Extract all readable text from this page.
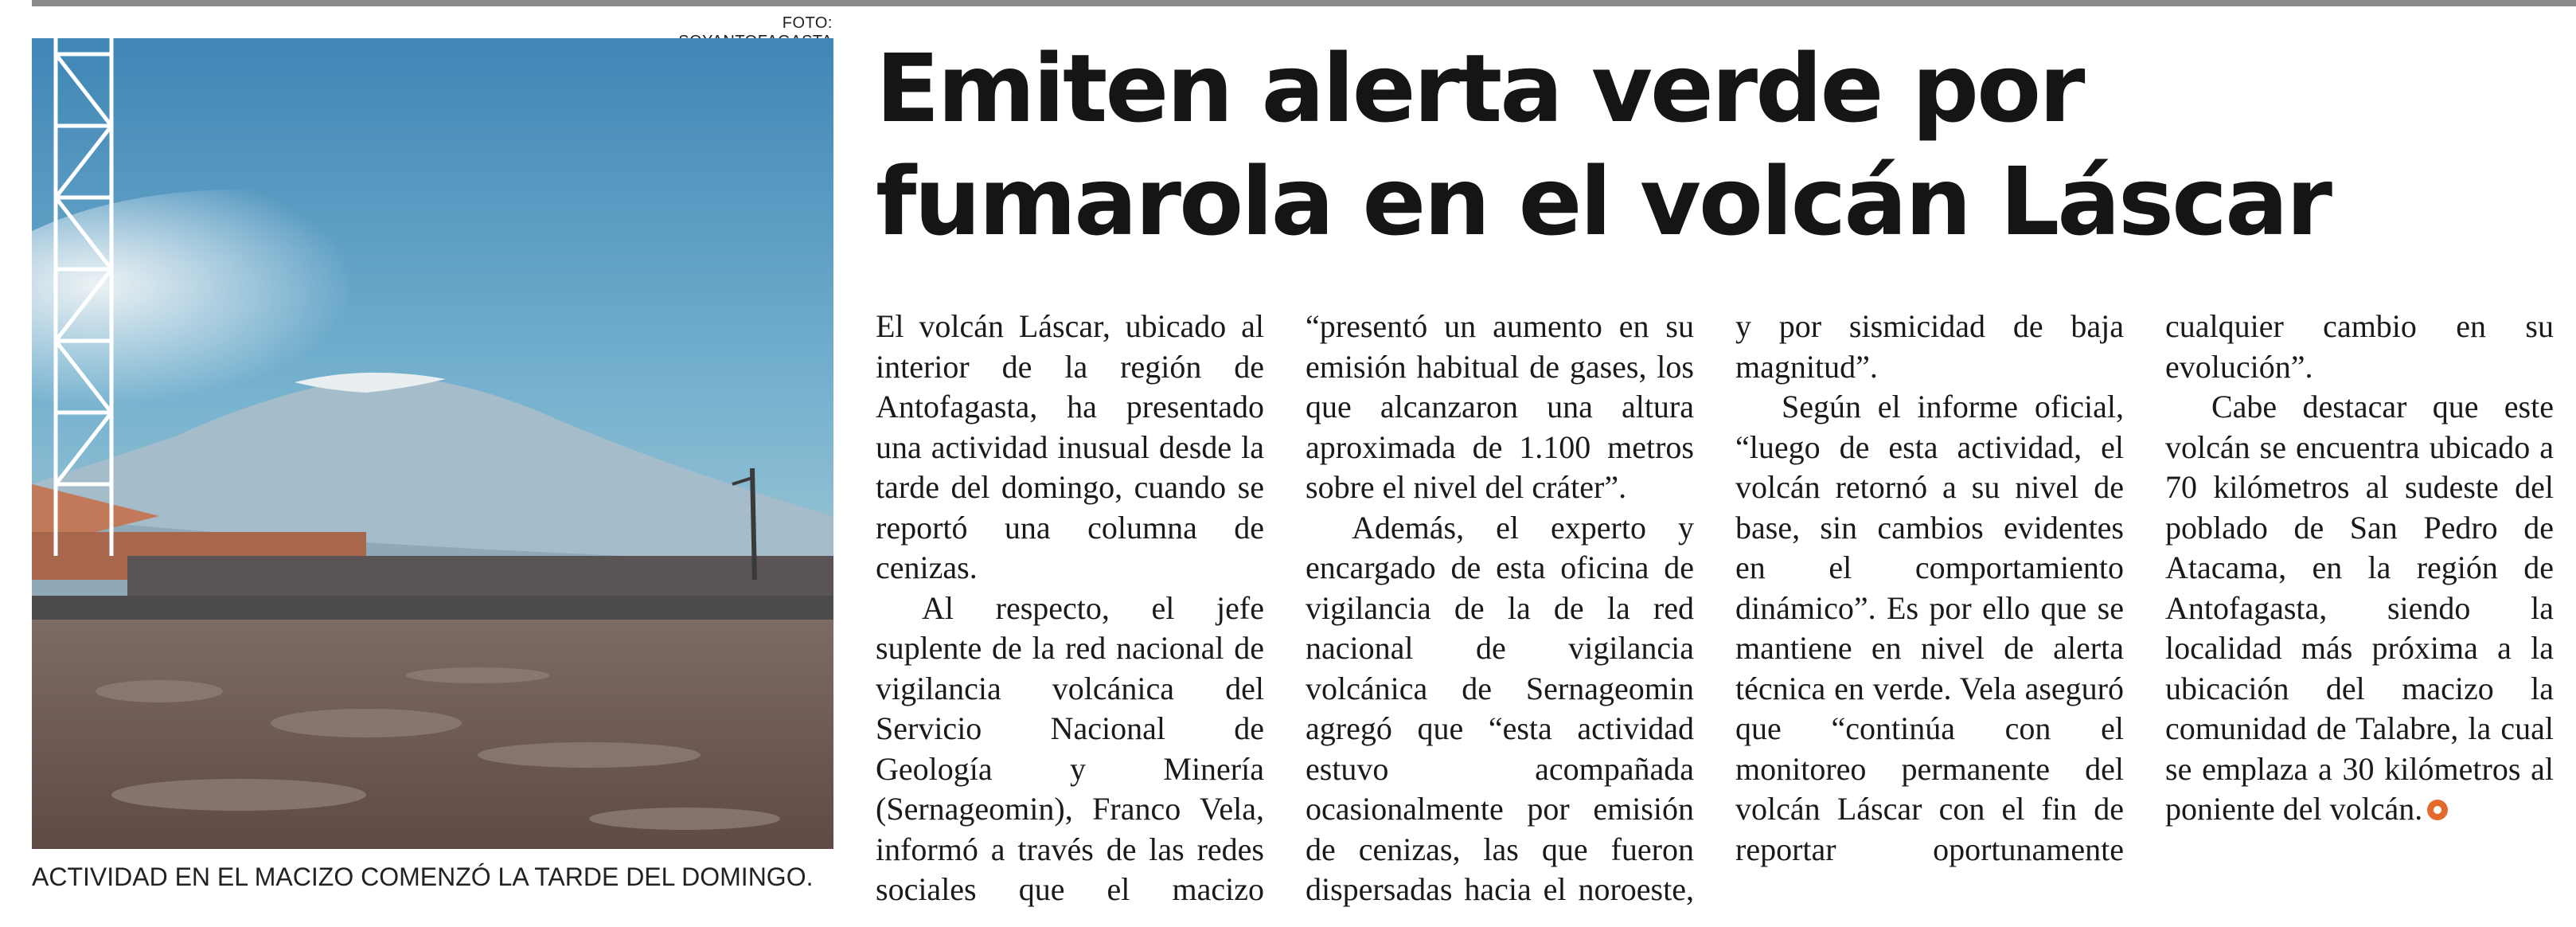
FOTO:
ACTIVIDAD EN EL MACIZO COMENZÓ LA TARDE DEL DOMINGO.
Emiten alerta verde por fumarola en el volcán Láscar

El volcán Láscar, ubicado al interior de la región de Antofagasta, ha presentado una actividad inusual desde la tarde del domingo, cuando se reportó una columna de cenizas.

Al respecto, el jefe suplente de la red nacional de vigilancia volcánica del Servicio Nacional de Geología y Minería (Sernageomin), Franco Vela, informó a través de las redes sociales que el macizo “presentó un aumento en su emisión habitual de gases, los que alcanzaron una altura aproximada de 1.100 metros sobre el nivel del cráter”.

Además, el experto y encargado de esta oficina de vigilancia de la de la red nacional de vigilancia volcánica de Sernageomin agregó que “esta actividad estuvo acompañada ocasionalmente por emisión de cenizas, las que fueron dispersadas hacia el noroeste, y por sismicidad de baja magnitud”.

Según el informe oficial, “luego de esta actividad, el volcán retornó a su nivel de base, sin cambios evidentes en el comportamiento dinámico”. Es por ello que se mantiene en nivel de alerta técnica en verde. Vela aseguró que “continúa con el monitoreo permanente del volcán Láscar con el fin de reportar oportunamente cualquier cambio en su evolución”.

Cabe destacar que este volcán se encuentra ubicado a 70 kilómetros al sudeste del poblado de San Pedro de Atacama, en la región de Antofagasta, siendo la localidad más próxima a la ubicación del macizo la comunidad de Talabre, la cual se emplaza a 30 kilómetros al poniente del volcán.
